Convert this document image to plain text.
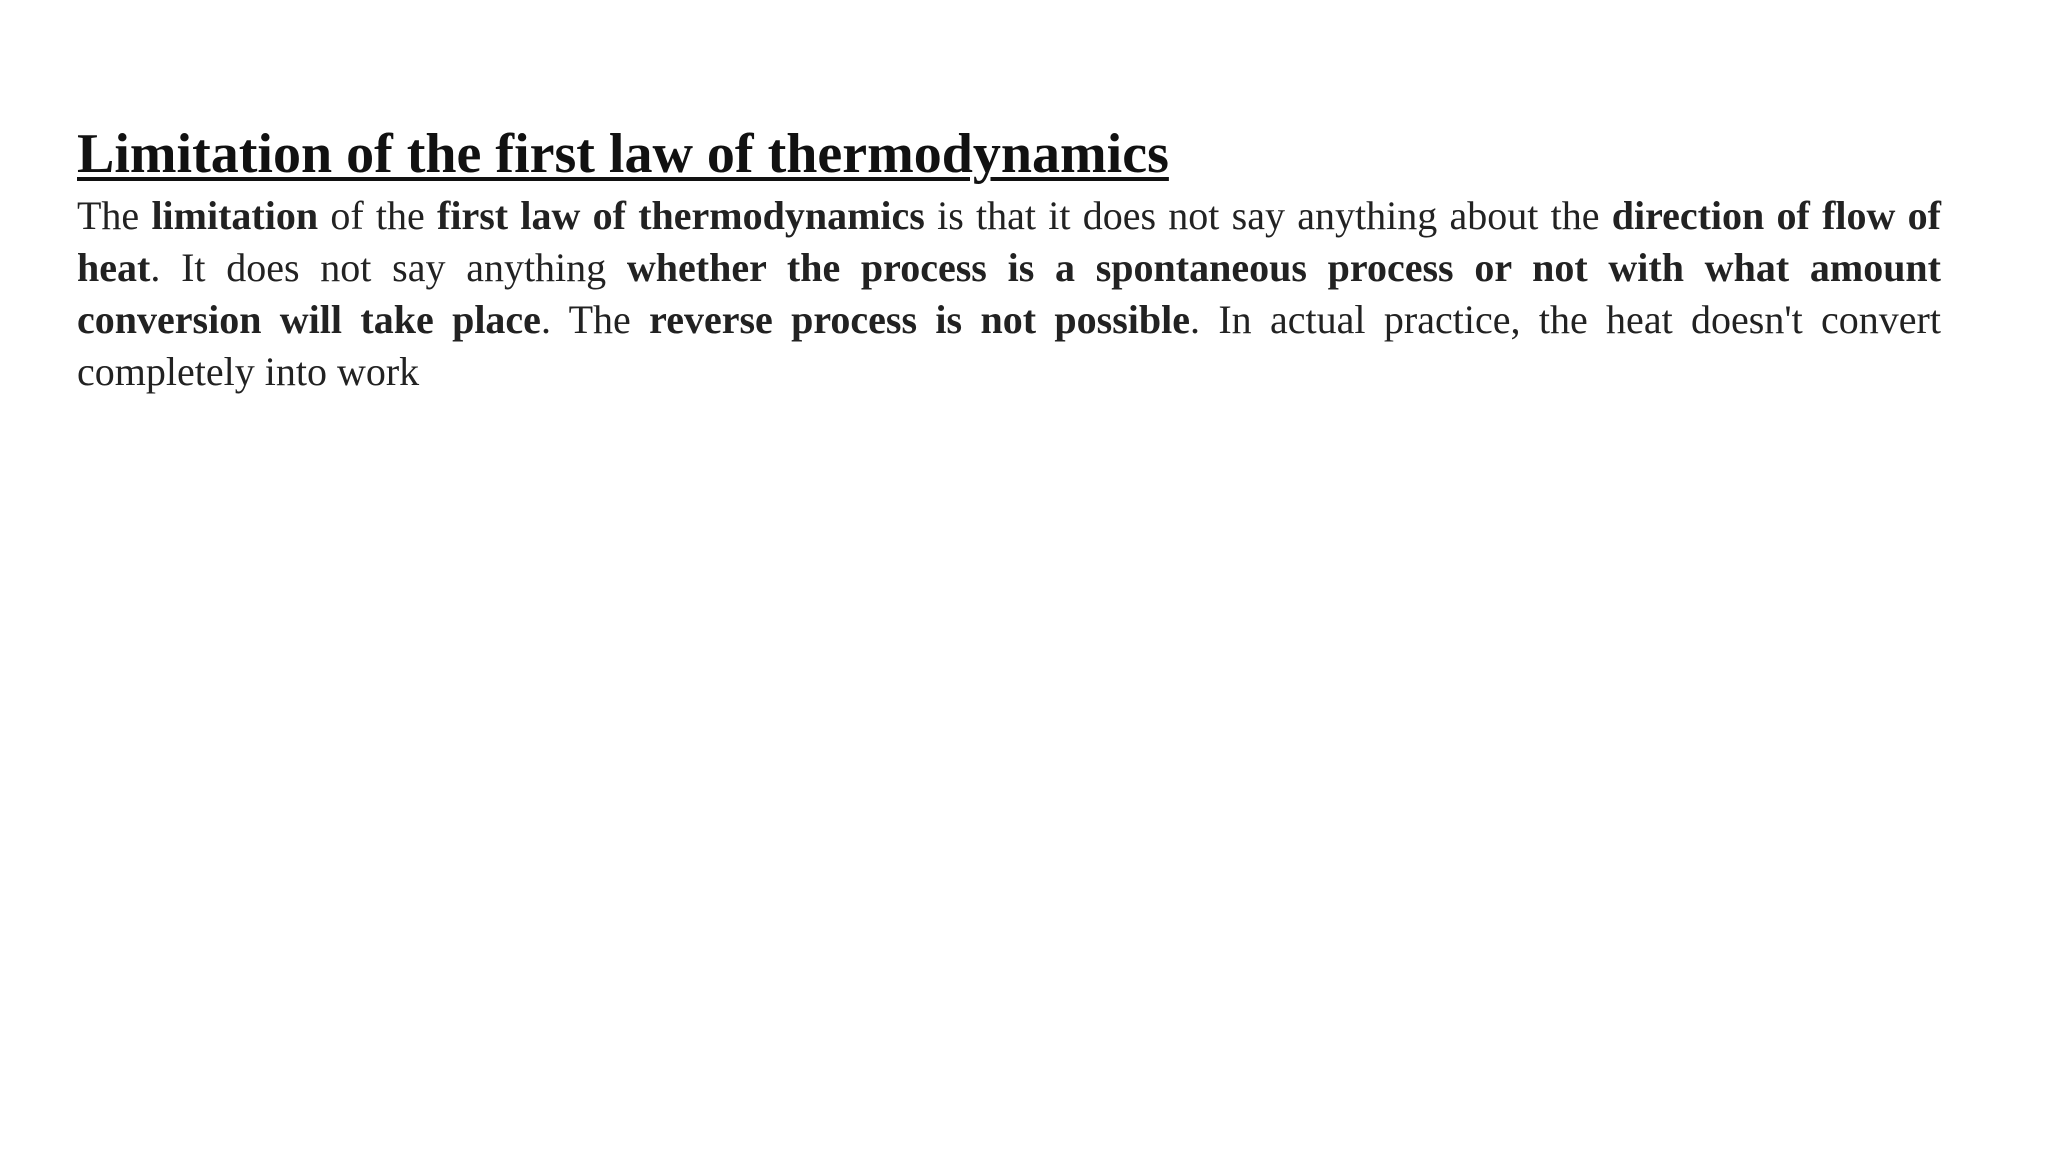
Limitation of the first law of thermodynamics

The limitation of the first law of thermodynamics is that it does not say anything about the direction of flow of heat. It does not say anything whether the process is a spontaneous process or not with what amount conversion will take place. The reverse process is not possible. In actual practice, the heat doesn't convert completely into work
